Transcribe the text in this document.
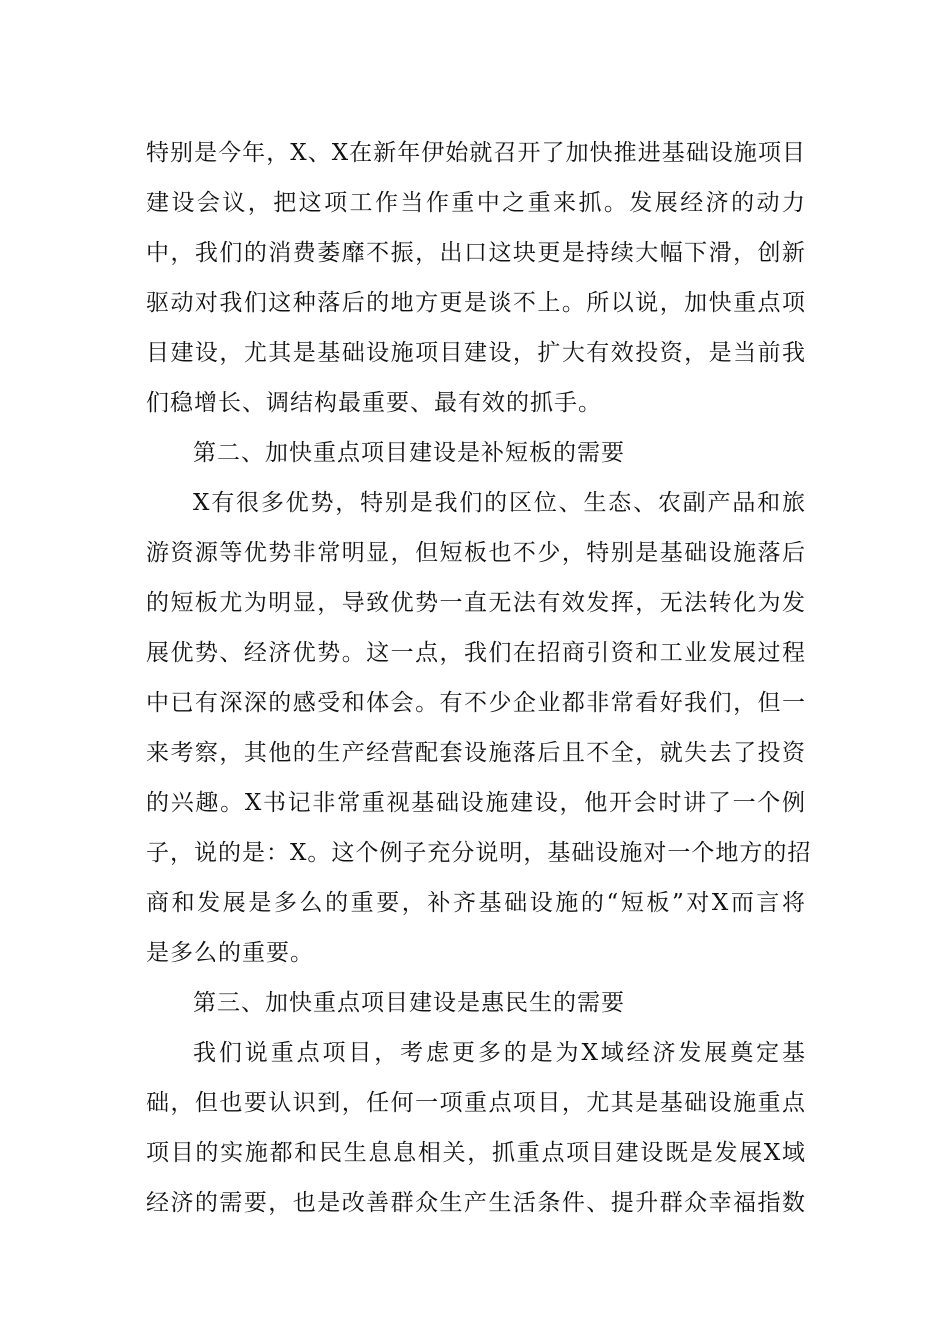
特别是今年，X、X在新年伊始就召开了加快推进基础设施项目
建设会议，把这项工作当作重中之重来抓。发展经济的动力
中，我们的消费萎靡不振，出口这块更是持续大幅下滑，创新
驱动对我们这种落后的地方更是谈不上。所以说，加快重点项
目建设，尤其是基础设施项目建设，扩大有效投资，是当前我
们稳增长、调结构最重要、最有效的抓手。
第二、加快重点项目建设是补短板的需要
X有很多优势，特别是我们的区位、生态、农副产品和旅
游资源等优势非常明显，但短板也不少，特别是基础设施落后
的短板尤为明显，导致优势一直无法有效发挥，无法转化为发
展优势、经济优势。这一点，我们在招商引资和工业发展过程
中已有深深的感受和体会。有不少企业都非常看好我们，但一
来考察，其他的生产经营配套设施落后且不全，就失去了投资
的兴趣。X书记非常重视基础设施建设，他开会时讲了一个例
子，说的是：X。这个例子充分说明，基础设施对一个地方的招
商和发展是多么的重要，补齐基础设施的“短板”对X而言将
是多么的重要。
第三、加快重点项目建设是惠民生的需要
我们说重点项目，考虑更多的是为X域经济发展奠定基
础，但也要认识到，任何一项重点项目，尤其是基础设施重点
项目的实施都和民生息息相关，抓重点项目建设既是发展X域
经济的需要，也是改善群众生产生活条件、提升群众幸福指数
